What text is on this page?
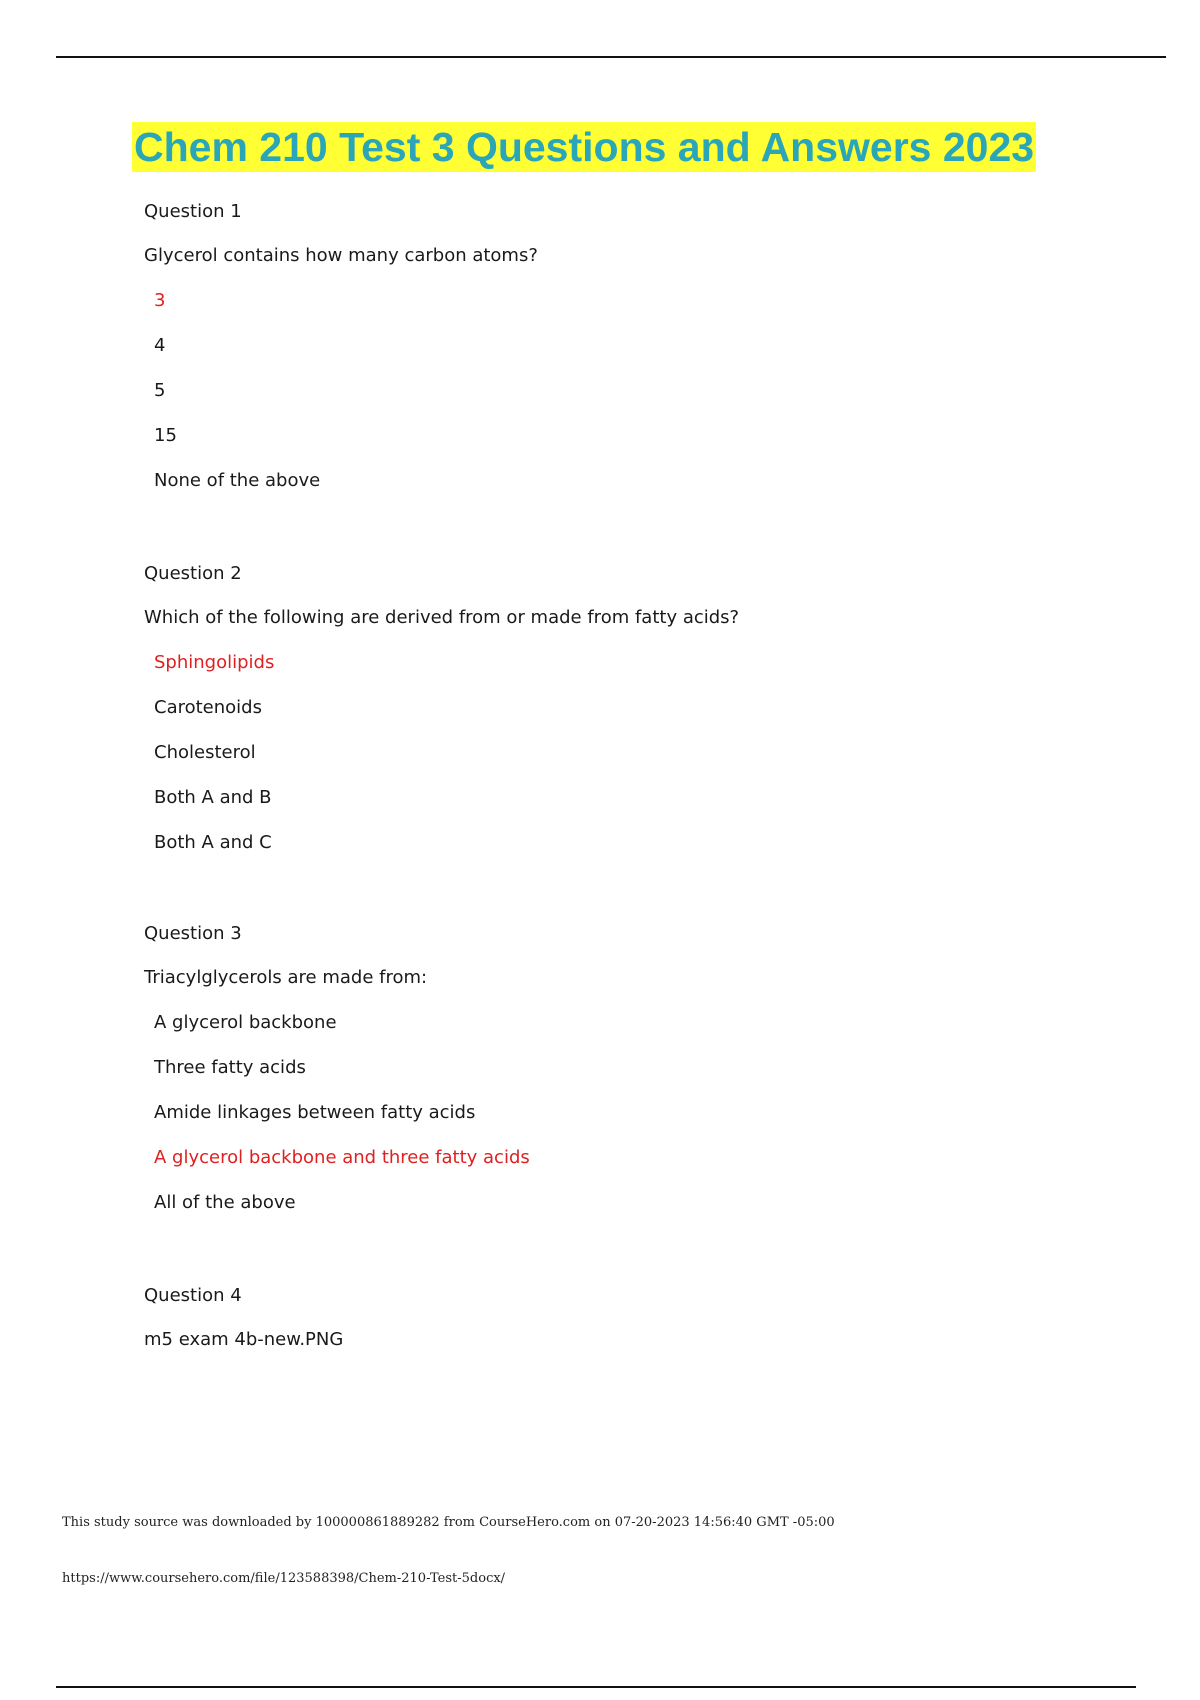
Chem 210 Test 3 Questions and Answers 2023

Question 1

Glycerol contains how many carbon atoms?

3
4
5
15
None of the above

Question 2

Which of the following are derived from or made from fatty acids?

Sphingolipids
Carotenoids
Cholesterol
Both A and B
Both A and C

Question 3

Triacylglycerols are made from:

A glycerol backbone
Three fatty acids
Amide linkages between fatty acids
A glycerol backbone and three fatty acids
All of the above

Question 4

m5 exam 4b-new.PNG

This study source was downloaded by 100000861889282 from CourseHero.com on 07-20-2023 14:56:40 GMT -05:00
https://www.coursehero.com/file/123588398/Chem-210-Test-5docx/
